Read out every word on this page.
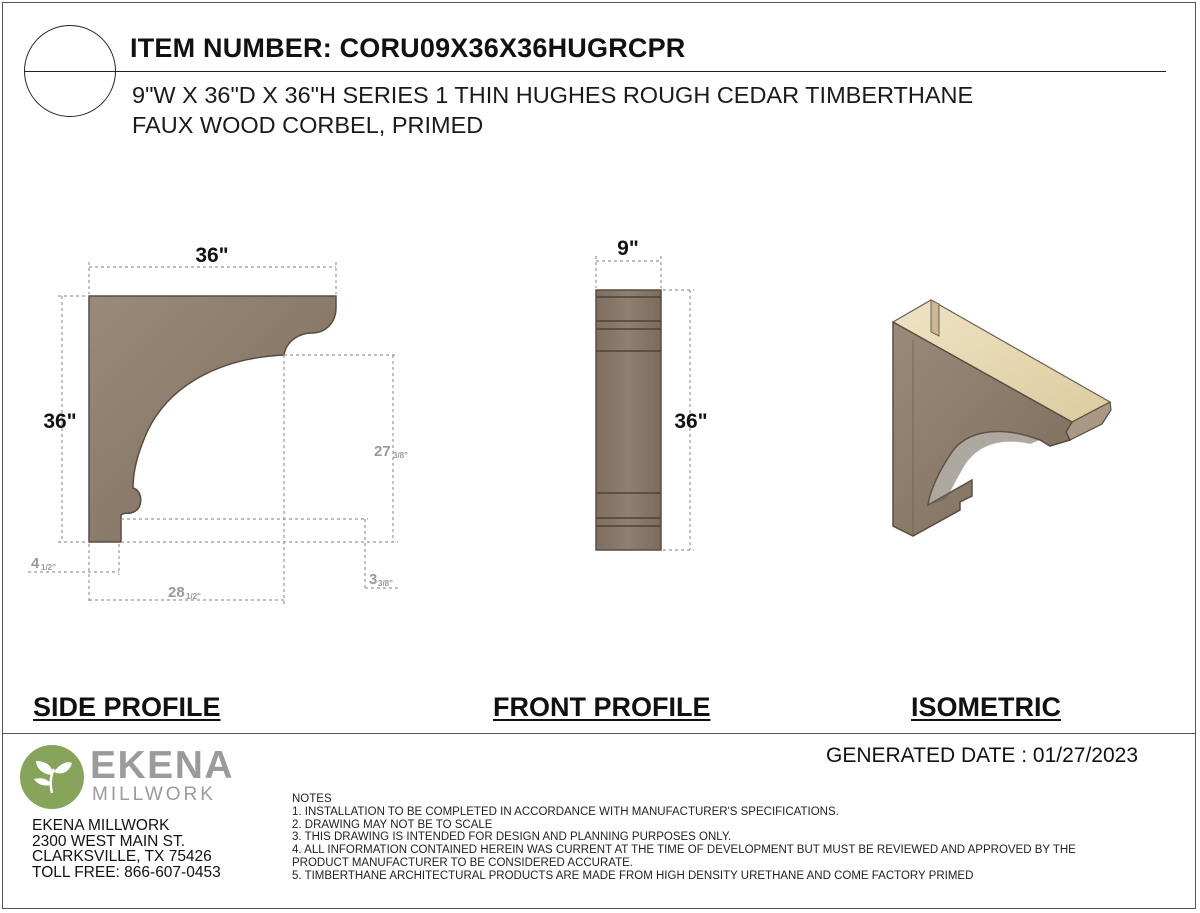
ITEM NUMBER: CORU09X36X36HUGRCPR
9"W X 36"D X 36"H SERIES 1 THIN HUGHES ROUGH CEDAR TIMBERTHANE
FAUX WOOD CORBEL, PRIMED
36"
36"
27 3/8"
4 1/2"
28 1/2"
3 3/8"
9"
36"
SIDE PROFILE	FRONT PROFILE	ISOMETRIC
EKENA
MILLWORK
EKENA MILLWORK
2300 WEST MAIN ST.
CLARKSVILLE, TX 75426
TOLL FREE: 866-607-0453
GENERATED DATE : 01/27/2023
NOTES
1. INSTALLATION TO BE COMPLETED IN ACCORDANCE WITH MANUFACTURER'S SPECIFICATIONS.
2. DRAWING MAY NOT BE TO SCALE
3. THIS DRAWING IS INTENDED FOR DESIGN AND PLANNING PURPOSES ONLY.
4. ALL INFORMATION CONTAINED HEREIN WAS CURRENT AT THE TIME OF DEVELOPMENT BUT MUST BE REVIEWED AND APPROVED BY THE
PRODUCT MANUFACTURER TO BE CONSIDERED ACCURATE.
5. TIMBERTHANE ARCHITECTURAL PRODUCTS ARE MADE FROM HIGH DENSITY URETHANE AND COME FACTORY PRIMED
